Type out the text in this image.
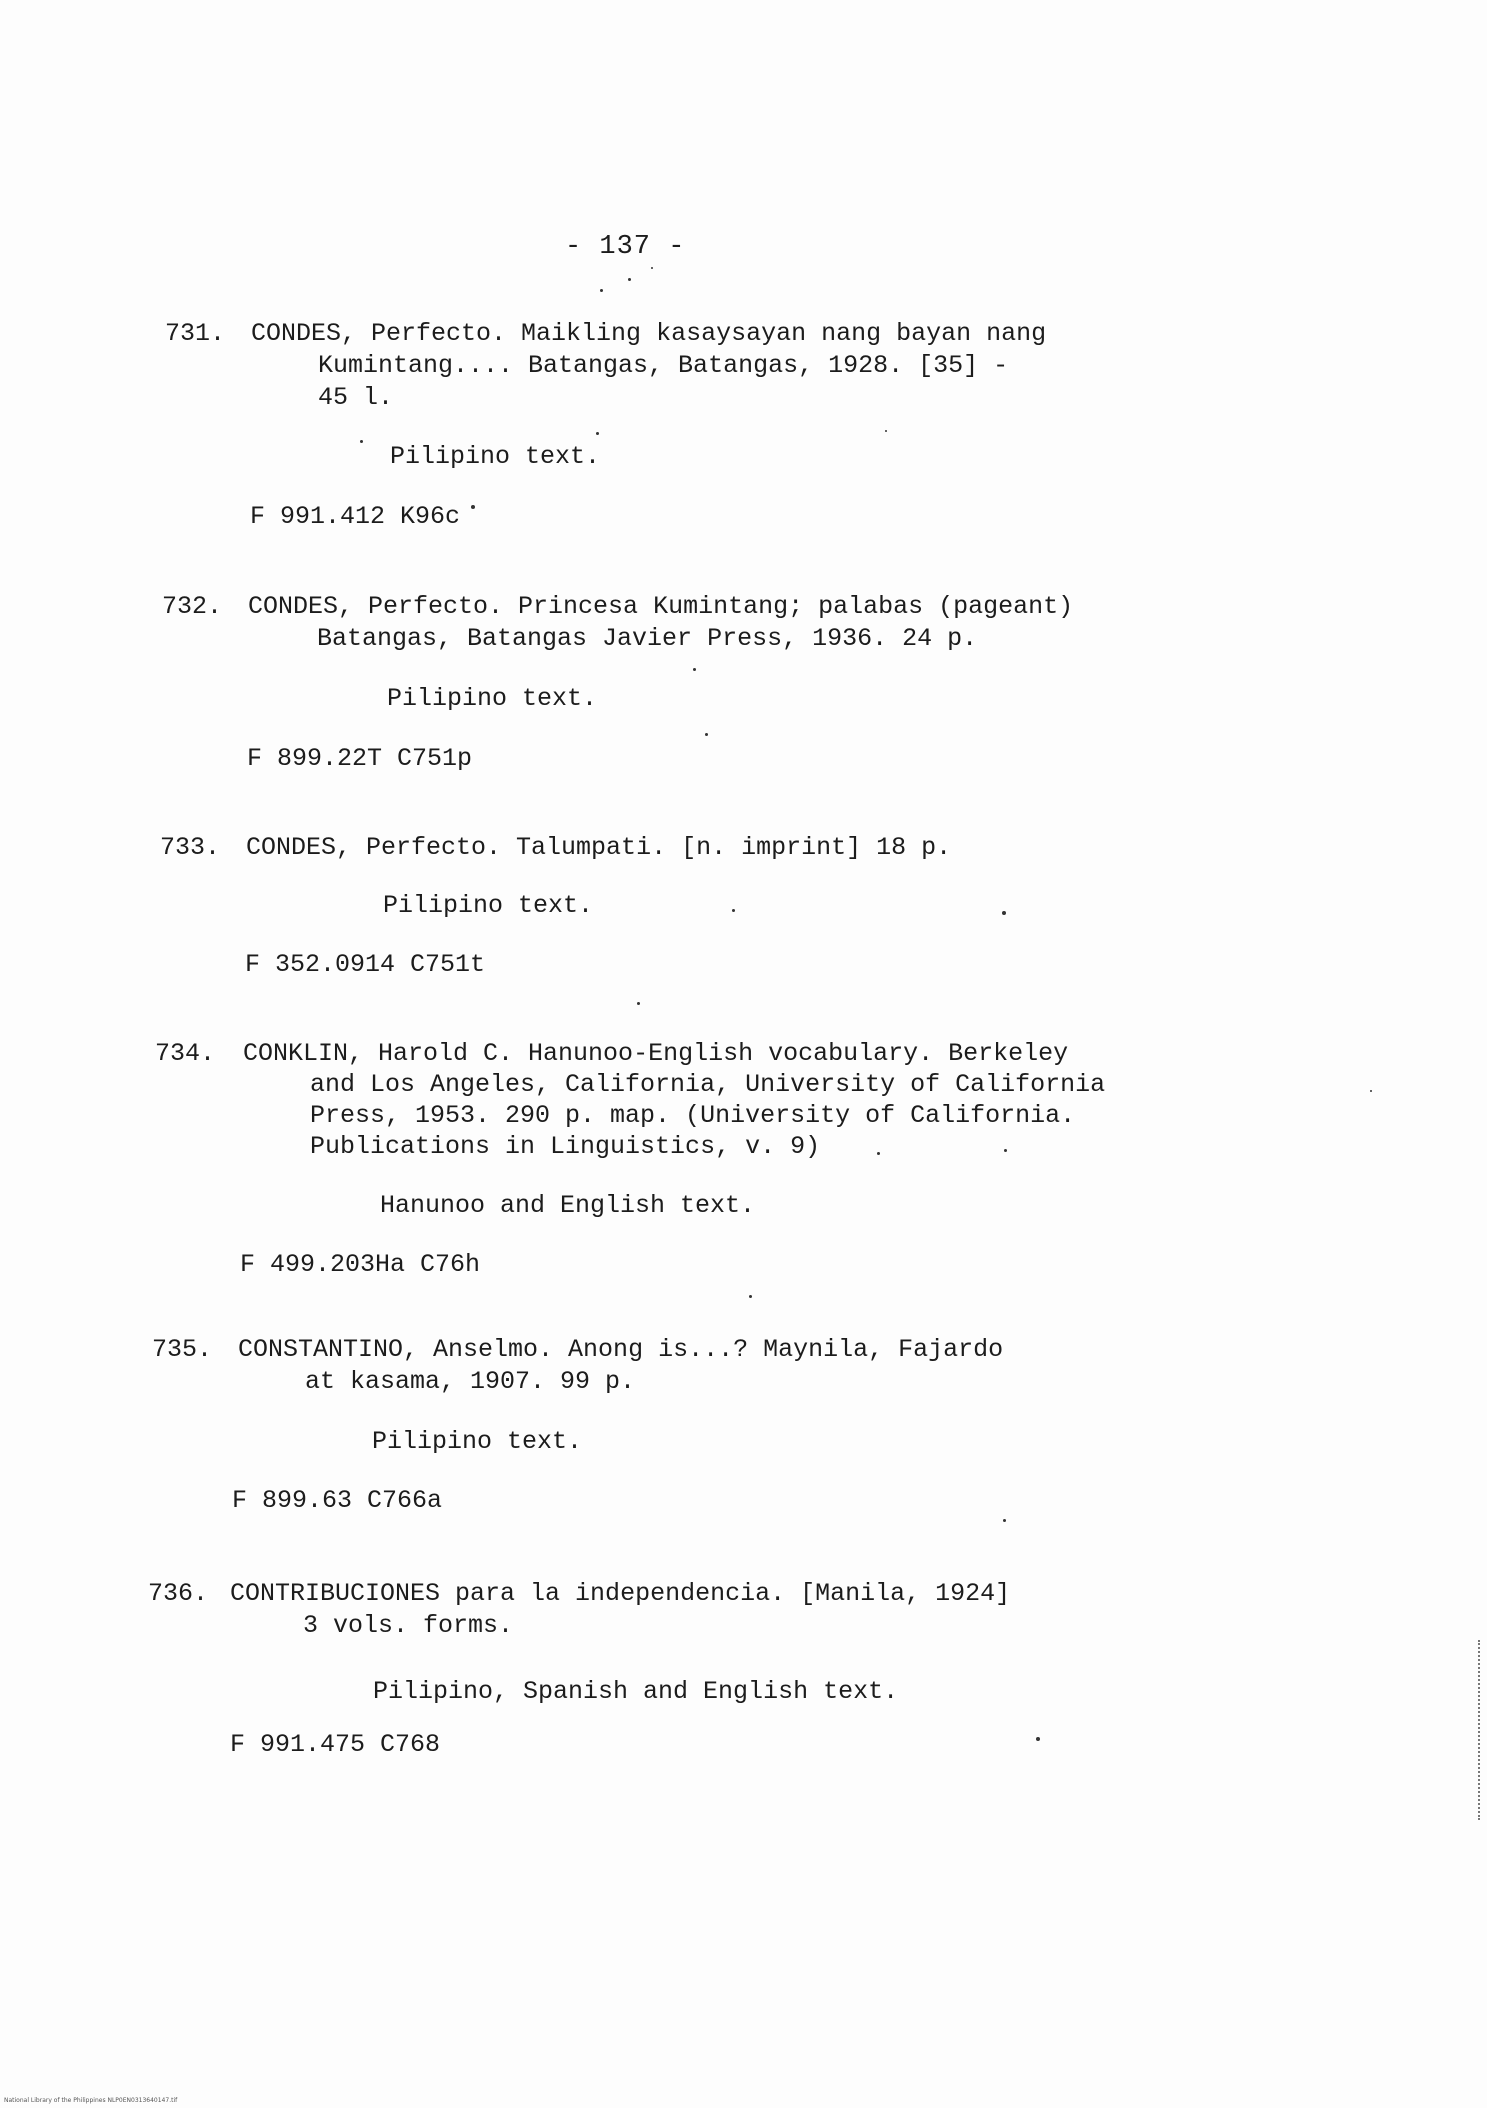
- 137 -
731. CONDES, Perfecto. Maikling kasaysayan nang bayan nang
Kumintang.... Batangas, Batangas, 1928. [35] -
45 l.
Pilipino text.
F 991.412 K96c
732. CONDES, Perfecto. Princesa Kumintang; palabas (pageant)
Batangas, Batangas Javier Press, 1936. 24 p.
Pilipino text.
F 899.22T C751p
733. CONDES, Perfecto. Talumpati. [n. imprint] 18 p.
Pilipino text.
F 352.0914 C751t
734. CONKLIN, Harold C. Hanunoo-English vocabulary. Berkeley
and Los Angeles, California, University of California
Press, 1953. 290 p. map. (University of California.
Publications in Linguistics, v. 9)
Hanunoo and English text.
F 499.203Ha C76h
735. CONSTANTINO, Anselmo. Anong is...? Maynila, Fajardo
at kasama, 1907. 99 p.
Pilipino text.
F 899.63 C766a
736. CONTRIBUCIONES para la independencia. [Manila, 1924]
3 vols. forms.
Pilipino, Spanish and English text.
F 991.475 C768
National Library of the Philippines NLP0EN0313640147.tif
